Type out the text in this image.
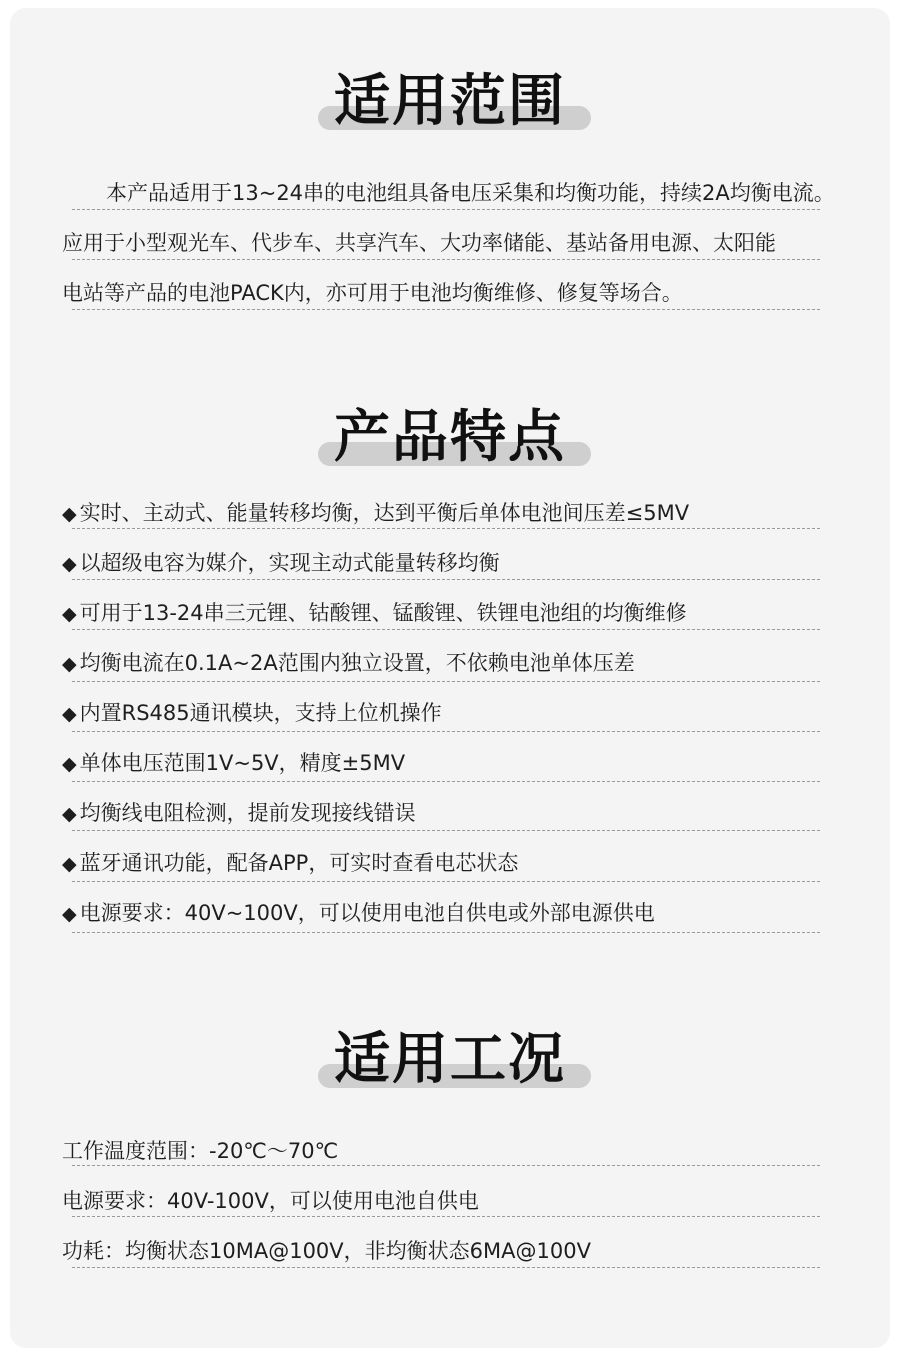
适用范围
本产品适用于13~24串的电池组具备电压采集和均衡功能，持续2A均衡电流。
应用于小型观光车、代步车、共享汽车、大功率储能、基站备用电源、太阳能
电站等产品的电池PACK内，亦可用于电池均衡维修、修复等场合。
产品特点
◆ 实时、主动式、能量转移均衡，达到平衡后单体电池间压差≤5MV
◆ 以超级电容为媒介，实现主动式能量转移均衡
◆ 可用于13-24串三元锂、钴酸锂、锰酸锂、铁锂电池组的均衡维修
◆ 均衡电流在0.1A~2A范围内独立设置，不依赖电池单体压差
◆ 内置RS485通讯模块，支持上位机操作
◆ 单体电压范围1V~5V，精度±5MV
◆ 均衡线电阻检测，提前发现接线错误
◆ 蓝牙通讯功能，配备APP，可实时查看电芯状态
◆ 电源要求：40V~100V，可以使用电池自供电或外部电源供电
适用工况
工作温度范围：-20℃～70℃
电源要求：40V-100V，可以使用电池自供电
功耗：均衡状态10MA@100V，非均衡状态6MA@100V
